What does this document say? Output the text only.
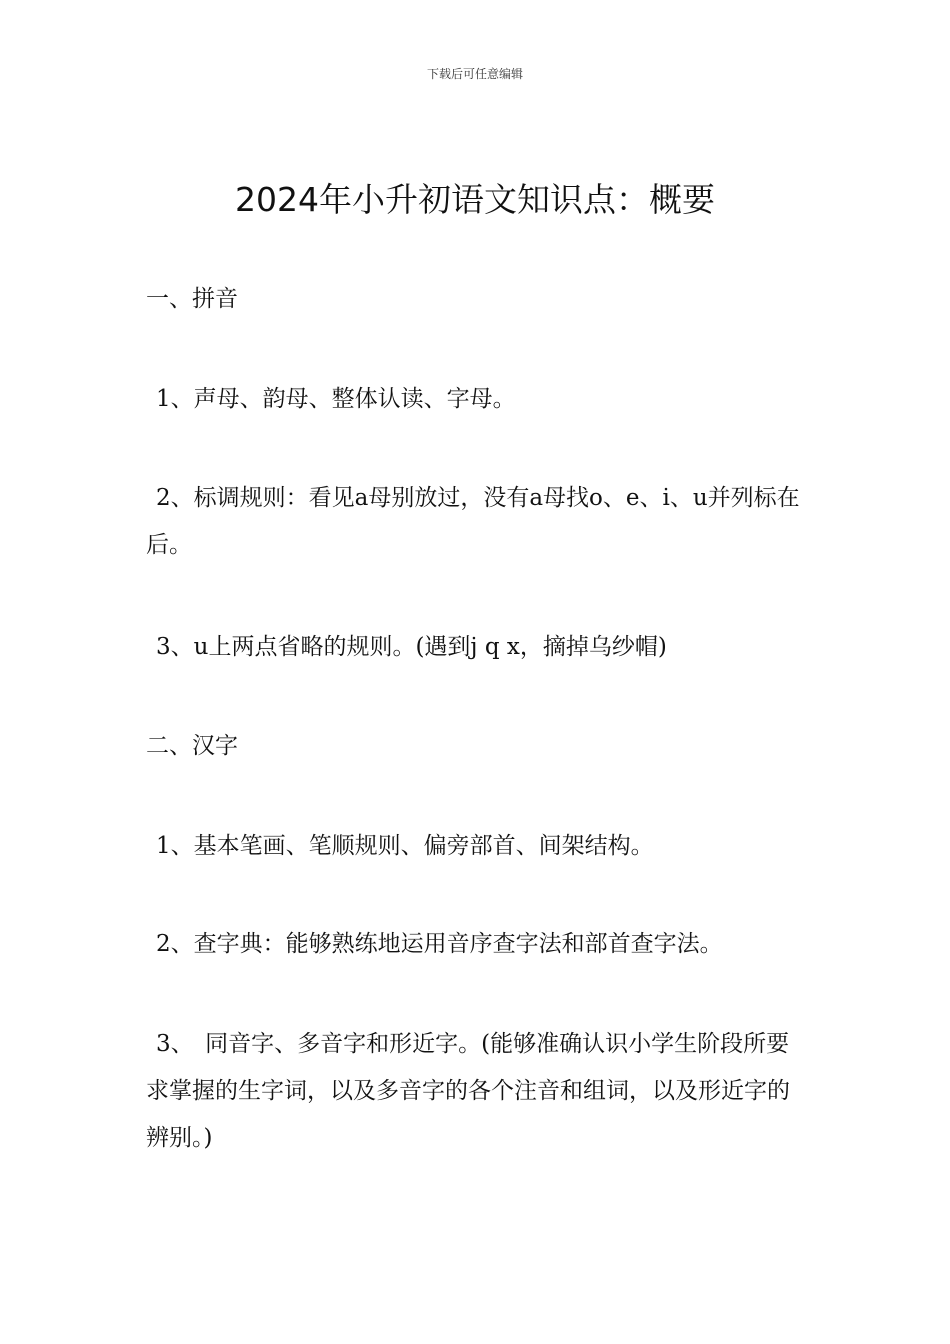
下载后可任意编辑
2024年小升初语文知识点：概要
一、拼音
1、声母、韵母、整体认读、字母。
2、标调规则：看见a母别放过，没有a母找o、e、i、u并列标在后。
3、u上两点省略的规则。(遇到j q x，摘掉乌纱帽)
二、汉字
1、基本笔画、笔顺规则、偏旁部首、间架结构。
2、查字典：能够熟练地运用音序查字法和部首查字法。
3、　同音字、多音字和形近字。(能够准确认识小学生阶段所要求掌握的生字词，以及多音字的各个注音和组词，以及形近字的辨别。)
